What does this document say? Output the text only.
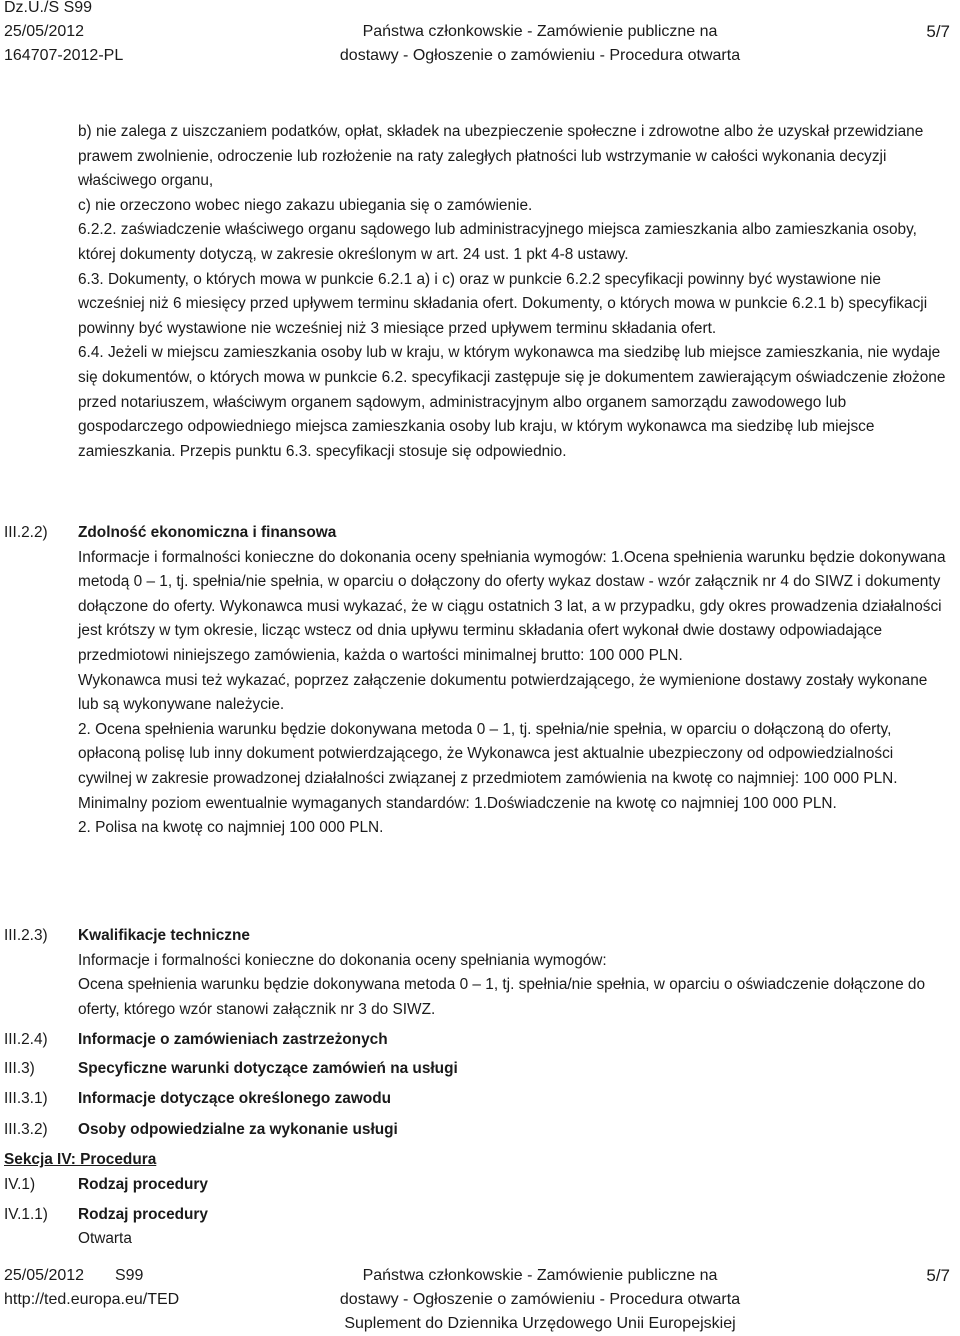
Dz.U./S S99
25/05/2012
164707-2012-PL
Państwa członkowskie - Zamówienie publiczne na
dostawy - Ogłoszenie o zamówieniu - Procedura otwarta
5/7

b) nie zalega z uiszczaniem podatków, opłat, składek na ubezpieczenie społeczne i zdrowotne albo że uzyskał przewidziane prawem zwolnienie, odroczenie lub rozłożenie na raty zaległych płatności lub wstrzymanie w całości wykonania decyzji właściwego organu,

c) nie orzeczono wobec niego zakazu ubiegania się o zamówienie.

6.2.2. zaświadczenie właściwego organu sądowego lub administracyjnego miejsca zamieszkania albo zamieszkania osoby, której dokumenty dotyczą, w zakresie określonym w art. 24 ust. 1 pkt 4-8 ustawy.

6.3. Dokumenty, o których mowa w punkcie 6.2.1 a) i c) oraz w punkcie 6.2.2 specyfikacji powinny być wystawione nie wcześniej niż 6 miesięcy przed upływem terminu składania ofert. Dokumenty, o których mowa w punkcie 6.2.1 b) specyfikacji powinny być wystawione nie wcześniej niż 3 miesiące przed upływem terminu składania ofert.

6.4. Jeżeli w miejscu zamieszkania osoby lub w kraju, w którym wykonawca ma siedzibę lub miejsce zamieszkania, nie wydaje się dokumentów, o których mowa w punkcie 6.2. specyfikacji zastępuje się je dokumentem zawierającym oświadczenie złożone przed notariuszem, właściwym organem sądowym, administracyjnym albo organem samorządu zawodowego lub gospodarczego odpowiedniego miejsca zamieszkania osoby lub kraju, w którym wykonawca ma siedzibę lub miejsce zamieszkania. Przepis punktu 6.3. specyfikacji stosuje się odpowiednio.

III.2.2) Zdolność ekonomiczna i finansowa

Informacje i formalności konieczne do dokonania oceny spełniania wymogów: 1.Ocena spełnienia warunku będzie dokonywana metodą 0 – 1, tj. spełnia/nie spełnia, w oparciu o dołączony do oferty wykaz dostaw - wzór załącznik nr 4 do SIWZ i dokumenty dołączone do oferty. Wykonawca musi wykazać, że w ciągu ostatnich 3 lat, a w przypadku, gdy okres prowadzenia działalności jest krótszy w tym okresie, licząc wstecz od dnia upływu terminu składania ofert wykonał dwie dostawy odpowiadające przedmiotowi niniejszego zamówienia, każda o wartości minimalnej brutto: 100 000 PLN.

Wykonawca musi też wykazać, poprzez załączenie dokumentu potwierdzającego, że wymienione dostawy zostały wykonane lub są wykonywane należycie.

2. Ocena spełnienia warunku będzie dokonywana metoda 0 – 1, tj. spełnia/nie spełnia, w oparciu o dołączoną do oferty, opłaconą polisę lub inny dokument potwierdzającego, że Wykonawca jest aktualnie ubezpieczony od odpowiedzialności cywilnej w zakresie prowadzonej działalności związanej z przedmiotem zamówienia na kwotę co najmniej: 100 000 PLN.

Minimalny poziom ewentualnie wymaganych standardów: 1.Doświadczenie na kwotę co najmniej 100 000 PLN.

2. Polisa na kwotę co najmniej 100 000 PLN.

III.2.3) Kwalifikacje techniczne

Informacje i formalności konieczne do dokonania oceny spełniania wymogów:

Ocena spełnienia warunku będzie dokonywana metoda 0 – 1, tj. spełnia/nie spełnia, w oparciu o oświadczenie dołączone do oferty, którego wzór stanowi załącznik nr 3 do SIWZ.

III.2.4) Informacje o zamówieniach zastrzeżonych
III.3)	Specyficzne warunki dotyczące zamówień na usługi
III.3.1) Informacje dotyczące określonego zawodu
III.3.2) Osoby odpowiedzialne za wykonanie usługi
Sekcja IV: Procedura
IV.1)	Rodzaj procedury
IV.1.1) Rodzaj procedury
Otwarta
25/05/2012 S99
http://ted.europa.eu/TED
Państwa członkowskie - Zamówienie publiczne na
dostawy - Ogłoszenie o zamówieniu - Procedura otwarta
Suplement do Dziennika Urzędowego Unii Europejskiej
5/7
